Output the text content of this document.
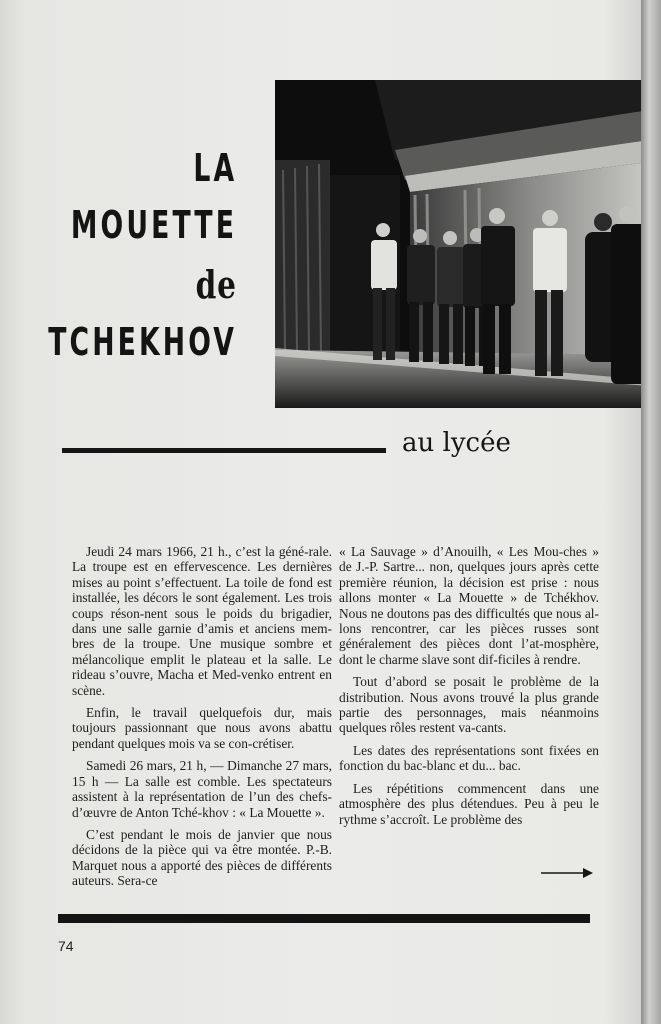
LA
MOUETTE
de
TCHEKHOV
au lycée

Jeudi 24 mars 1966, 21 h., c’est la géné-rale. La troupe est en effervescence. Les dernières mises au point s’effectuent. La toile de fond est installée, les décors le sont également. Les trois coups réson-nent sous le poids du brigadier, dans une salle garnie d’amis et anciens mem-bres de la troupe. Une musique sombre et mélancolique emplit le plateau et la salle. Le rideau s’ouvre, Macha et Med-venko entrent en scène.

Enfin, le travail quelquefois dur, mais toujours passionnant que nous avons abattu pendant quelques mois va se con-crétiser.

Samedi 26 mars, 21 h, — Dimanche 27 mars, 15 h — La salle est comble. Les spectateurs assistent à la représentation de l’un des chefs-d’œuvre de Anton Tché-khov : « La Mouette ».

C’est pendant le mois de janvier que nous décidons de la pièce qui va être montée. P.-B. Marquet nous a apporté des pièces de différents auteurs. Sera-ce

« La Sauvage » d’Anouilh, « Les Mou-ches » de J.-P. Sartre... non, quelques jours après cette première réunion, la décision est prise : nous allons monter « La Mouette » de Tchékhov. Nous ne doutons pas des difficultés que nous al-lons rencontrer, car les pièces russes sont généralement des pièces dont l’at-mosphère, dont le charme slave sont dif-ficiles à rendre.

Tout d’abord se posait le problème de la distribution. Nous avons trouvé la plus grande partie des personnages, mais néanmoins quelques rôles restent va-cants.

Les dates des représentations sont fixées en fonction du bac-blanc et du... bac.

Les répétitions commencent dans une atmosphère des plus détendues. Peu à peu le rythme s’accroît. Le problème des

74
